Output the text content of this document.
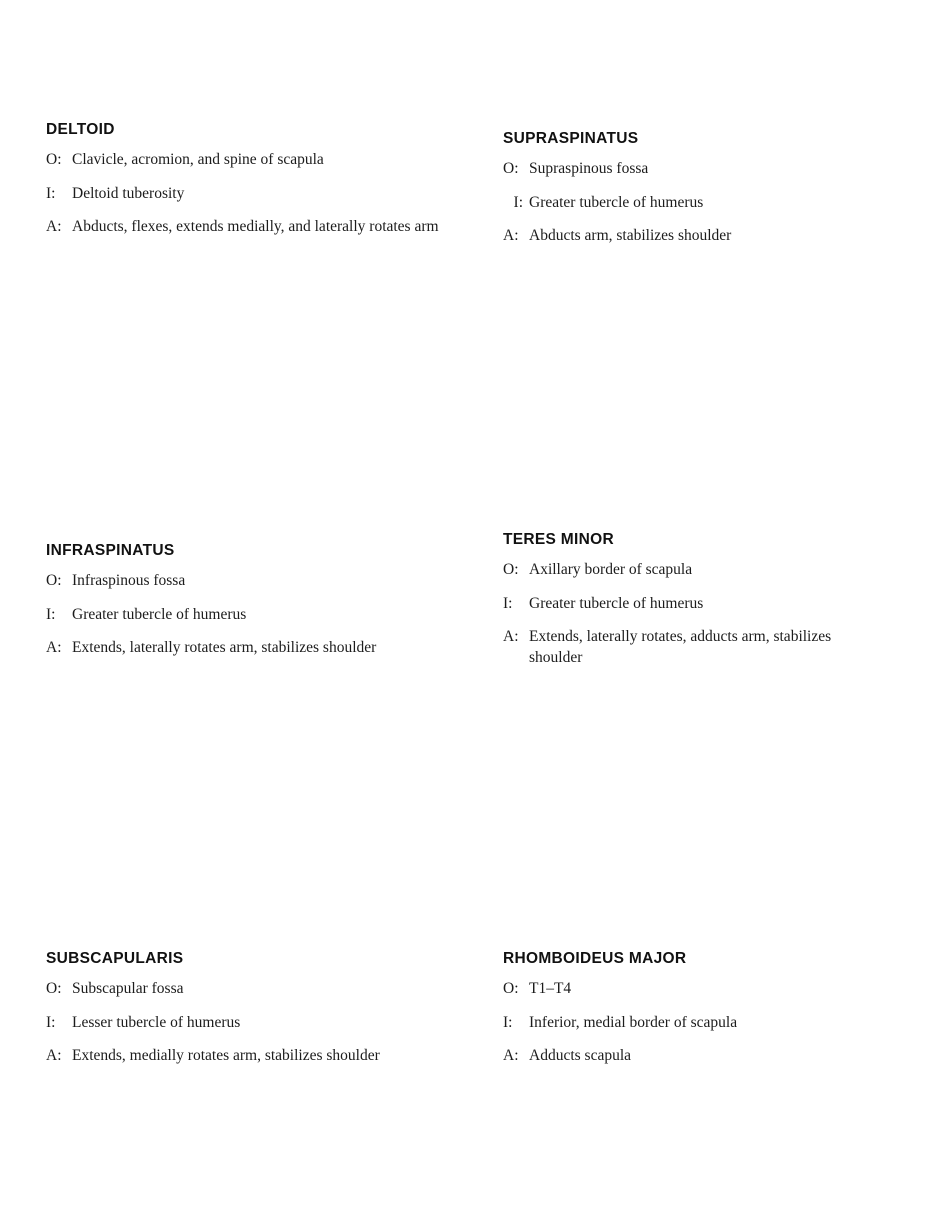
DELTOID
O: Clavicle, acromion, and spine of scapula
I:	Deltoid tuberosity
A: Abducts, flexes, extends medially, and laterally rotates arm
SUPRASPINATUS
O: Supraspinous fossa
I: Greater tubercle of humerus
A: Abducts arm, stabilizes shoulder
INFRASPINATUS
O: Infraspinous fossa
I:	Greater tubercle of humerus
A: Extends, laterally rotates arm, stabilizes shoulder
TERES MINOR
O: Axillary border of scapula
I:	Greater tubercle of humerus
A: Extends, laterally rotates, adducts arm, stabilizes shoulder
SUBSCAPULARIS
O: Subscapular fossa
I:	Lesser tubercle of humerus
A: Extends, medially rotates arm, stabilizes shoulder
RHOMBOIDEUS MAJOR
O: T1–T4
I:	Inferior, medial border of scapula
A: Adducts scapula
